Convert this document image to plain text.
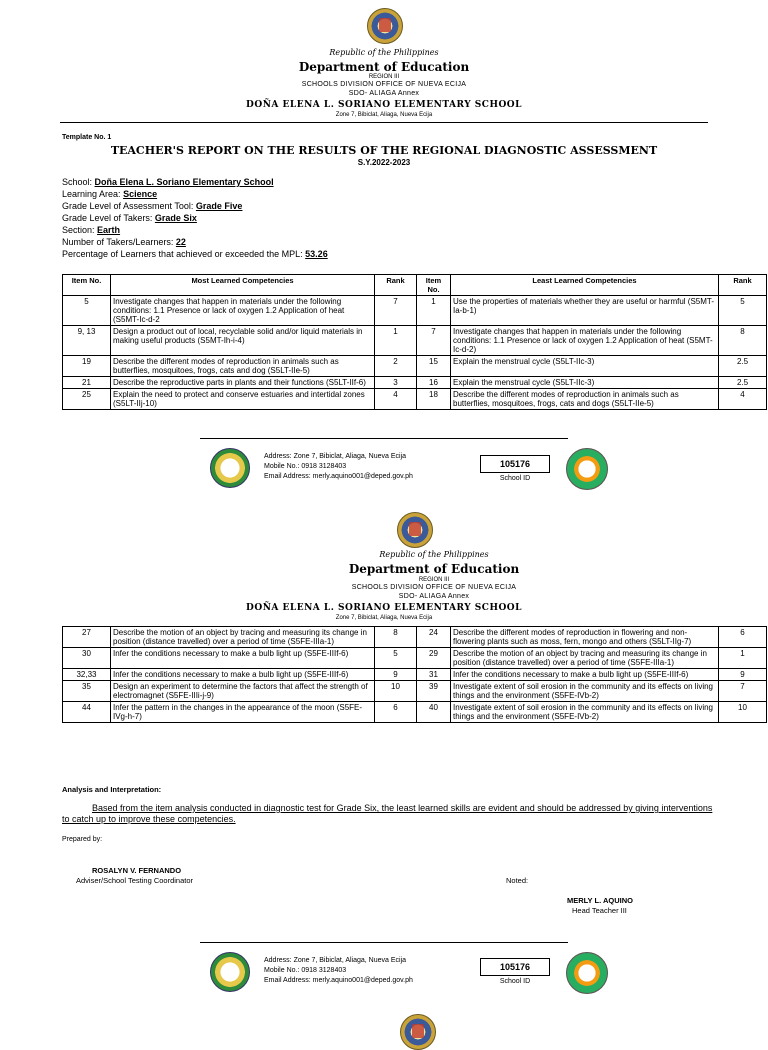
Republic of the Philippines
Department of Education
REGION III
SCHOOLS DIVISION OFFICE OF NUEVA ECIJA
SDO- ALIAGA Annex
DOÑA ELENA L. SORIANO ELEMENTARY SCHOOL
Zone 7, Bibiclat, Aliaga, Nueva Ecija
Template No. 1
TEACHER'S REPORT ON THE RESULTS OF THE REGIONAL DIAGNOSTIC ASSESSMENT
S.Y.2022-2023
School: Doña Elena L. Soriano Elementary School
Learning Area: Science
Grade Level of Assessment Tool: Grade Five
Grade Level of Takers: Grade Six
Section: Earth
Number of Takers/Learners: 22
Percentage of Learners that achieved or exceeded the MPL: 53.26
Item No.	Most Learned Competencies	Rank	Item No.	Least Learned Competencies	Rank
5	Investigate changes that happen in materials under the following conditions: 1.1 Presence or lack of oxygen 1.2 Application of heat (S5MT-Ic-d-2	7	1	Use the properties of materials whether they are useful or harmful (S5MT-Ia-b-1)	5
9, 13	Design a product out of local, recyclable solid and/or liquid materials in making useful products (S5MT-Ih-i-4)	1	7	Investigate changes that happen in materials under the following conditions: 1.1 Presence or lack of oxygen 1.2 Application of heat (S5MT-Ic-d-2)	8
19	Describe the different modes of reproduction in animals such as butterflies, mosquitoes, frogs, cats and dog (S5LT-IIe-5)	2	15	Explain the menstrual cycle (S5LT-IIc-3)	2.5
21	Describe the reproductive parts in plants and their functions (S5LT-IIf-6)	3	16	Explain the menstrual cycle (S5LT-IIc-3)	2.5
25	Explain the need to protect and conserve estuaries and intertidal zones (S5LT-IIj-10)	4	18	Describe the different modes of reproduction in animals such as butterflies, mosquitoes, frogs, cats and dogs (S5LT-IIe-5)	4
Address: Zone 7, Bibiclat, Aliaga, Nueva Ecija
Mobile No.: 0918 3128403
Email Address: merly.aquino001@deped.gov.ph
105176
School ID
Republic of the Philippines
Department of Education
REGION III
SCHOOLS DIVISION OFFICE OF NUEVA ECIJA
SDO- ALIAGA Annex
DOÑA ELENA L. SORIANO ELEMENTARY SCHOOL
Zone 7, Bibiclat, Aliaga, Nueva Ecija
27	Describe the motion of an object by tracing and measuring its change in position (distance travelled) over a period of time (S5FE-IIIa-1)	8	24	Describe the different modes of reproduction in flowering and non-flowering plants such as moss, fern, mongo and others (S5LT-IIg-7)	6
30	Infer the conditions necessary to make a bulb light up (S5FE-IIIf-6)	5	29	Describe the motion of an object by tracing and measuring its change in position (distance travelled) over a period of time (S5FE-IIIa-1)	1
32,33	Infer the conditions necessary to make a bulb light up (S5FE-IIIf-6)	9	31	Infer the conditions necessary to make a bulb light up (S5FE-IIIf-6)	9
35	Design an experiment to determine the factors that affect the strength of electromagnet (S5FE-IIIi-j-9)	10	39	Investigate extent of soil erosion in the community and its effects on living things and the environment (S5FE-IVb-2)	7
44	Infer the pattern in the changes in the appearance of the moon (S5FE-IVg-h-7)	6	40	Investigate extent of soil erosion in the community and its effects on living things and the environment (S5FE-IVb-2)	10
Analysis and Interpretation:
Based from the item analysis conducted in diagnostic test for Grade Six, the least learned skills are evident and should be addressed by giving interventions to catch up to improve these competencies.
Prepared by:
ROSALYN V. FERNANDO
Adviser/School Testing Coordinator	Noted:
MERLY L. AQUINO
Head Teacher III
Address: Zone 7, Bibiclat, Aliaga, Nueva Ecija
Mobile No.: 0918 3128403
Email Address: merly.aquino001@deped.gov.ph
105176
School ID
